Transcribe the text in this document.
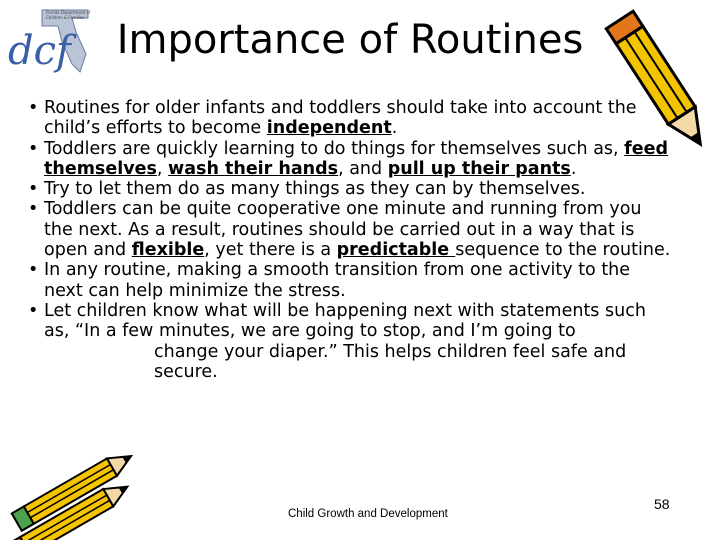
dcf
Florida Department of
Children & Families Importance of Routines
• Routines for older infants and toddlers should take into account the child’s efforts to become independent.
• Toddlers are quickly learning to do things for themselves such as, feed themselves, wash their hands, and pull up their pants.
• Try to let them do as many things as they can by themselves.
• Toddlers can be quite cooperative one minute and running from you the next. As a result, routines should be carried out in a way that is open and flexible, yet there is a predictable sequence to the routine.
• In any routine, making a smooth transition from one activity to the next can help minimize the stress.
• Let children know what will be happening next with statements such as, “In a few minutes, we are going to stop, and I’m going to
change your diaper.” This helps children feel safe and secure.
Child Growth and Development
58
